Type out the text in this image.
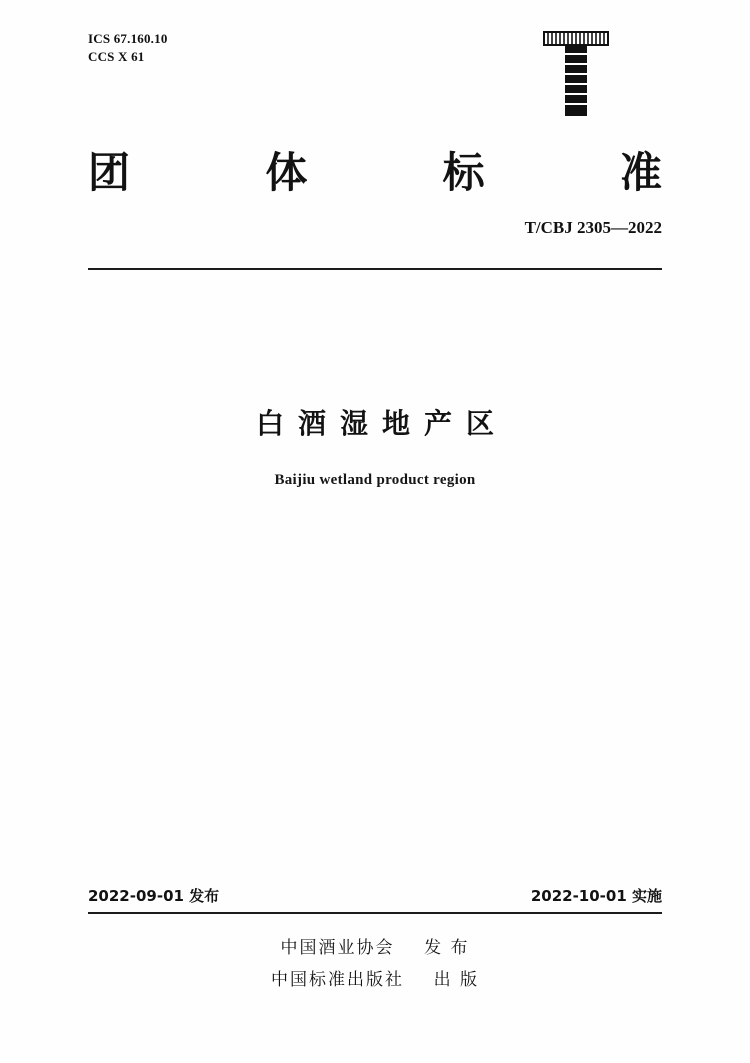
ICS 67.160.10
CCS X 61
团	体	标	准
T/CBJ 2305—2022
白酒湿地产区
Baijiu wetland product region
2022-09-01 发布	2022-10-01 实施
中国酒业协会    发 布
中国标准出版社    出 版
